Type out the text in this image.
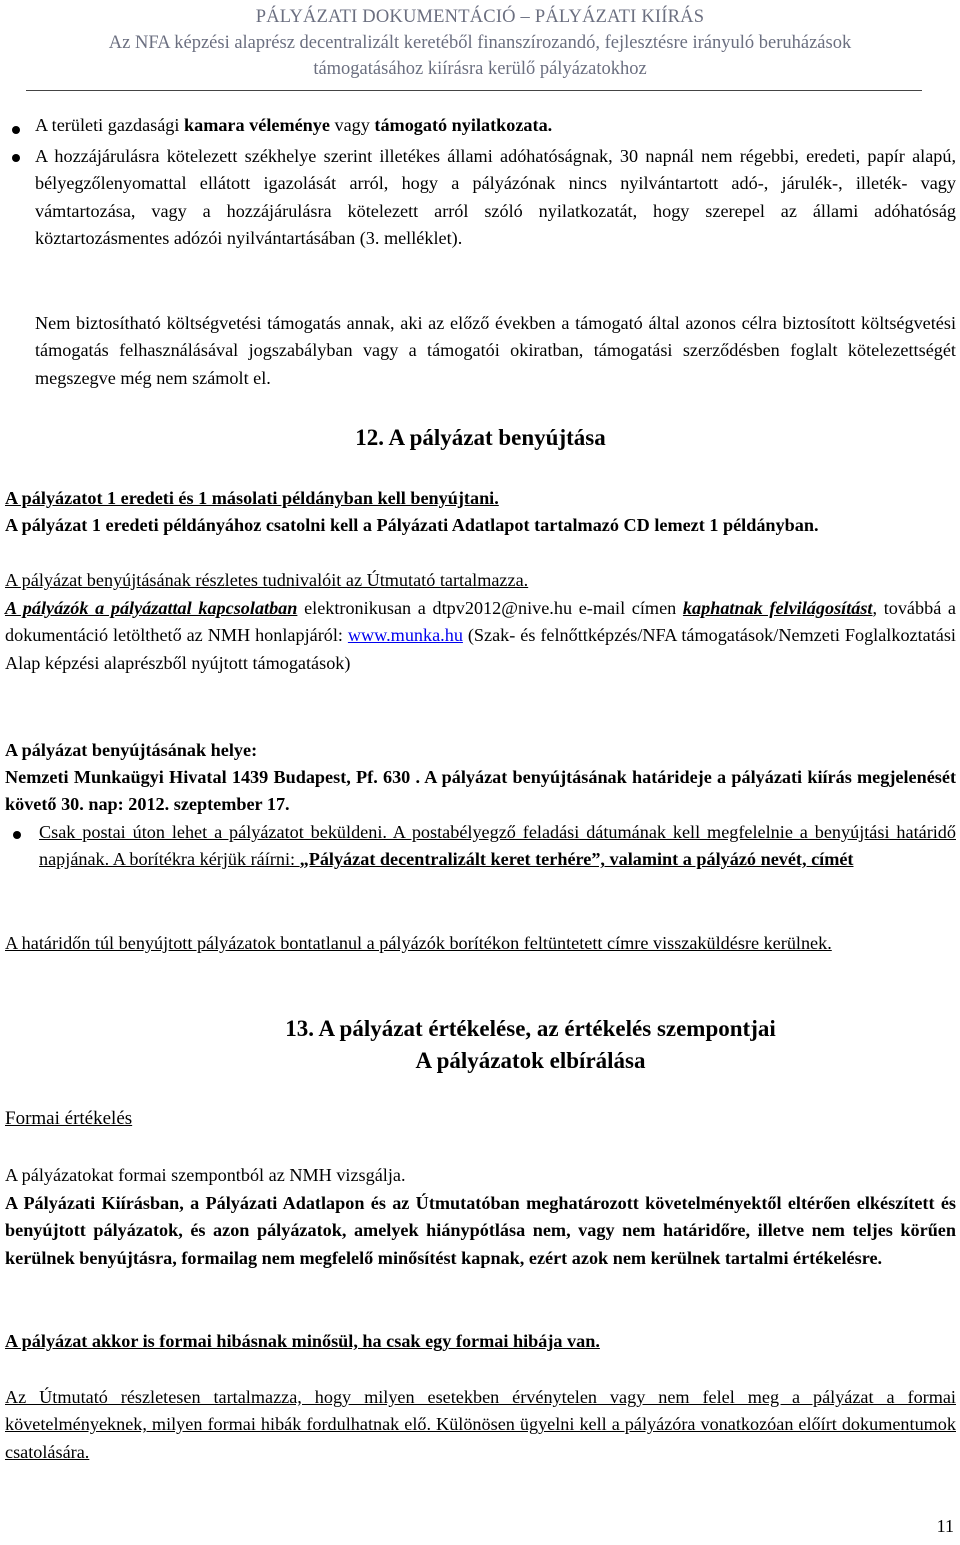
PÁLYÁZATI DOKUMENTÁCIÓ – PÁLYÁZATI KIÍRÁS
Az NFA képzési alaprész decentralizált keretéből finanszírozandó, fejlesztésre irányuló beruházások
támogatásához kiírásra kerülő pályázatokhoz
A területi gazdasági kamara véleménye vagy támogató nyilatkozata.
A hozzájárulásra kötelezett székhelye szerint illetékes állami adóhatóságnak, 30 napnál nem régebbi, eredeti, papír alapú, bélyegzőlenyomattal ellátott igazolását arról, hogy a pályázónak nincs nyilvántartott adó-, járulék-, illeték- vagy vámtartozása, vagy a hozzájárulásra kötelezett arról szóló nyilatkozatát, hogy szerepel az állami adóhatóság köztartozásmentes adózói nyilvántartásában (3. melléklet).
Nem biztosítható költségvetési támogatás annak, aki az előző években a támogató által azonos célra biztosított költségvetési támogatás felhasználásával jogszabályban vagy a támogatói okiratban, támogatási szerződésben foglalt kötelezettségét megszegve még nem számolt el.
12. A pályázat benyújtása
A pályázatot 1 eredeti és 1 másolati példányban kell benyújtani.
A pályázat 1 eredeti példányához csatolni kell a Pályázati Adatlapot tartalmazó CD lemezt 1 példányban.
A pályázat benyújtásának részletes tudnivalóit az Útmutató tartalmazza.
A pályázók a pályázattal kapcsolatban elektronikusan a dtpv2012@nive.hu e-mail címen kaphatnak felvilágosítást, továbbá a dokumentáció letölthető az NMH honlapjáról: www.munka.hu (Szak- és felnőttképzés/NFA támogatások/Nemzeti Foglalkoztatási Alap képzési alaprészből nyújtott támogatások)
A pályázat benyújtásának helye:
Nemzeti Munkaügyi Hivatal 1439 Budapest, Pf. 630 . A pályázat benyújtásának határideje a pályázati kiírás megjelenését követő 30. nap: 2012. szeptember 17.
Csak postai úton lehet a pályázatot beküldeni. A postabélyegző feladási dátumának kell megfelelnie a benyújtási határidő napjának. A borítékra kérjük ráírni: „Pályázat decentralizált keret terhére”, valamint a pályázó nevét, címét
A határidőn túl benyújtott pályázatok bontatlanul a pályázók borítékon feltüntetett címre visszaküldésre kerülnek.
13. A pályázat értékelése, az értékelés szempontjai
A pályázatok elbírálása
Formai értékelés
A pályázatokat formai szempontból az NMH vizsgálja.
A Pályázati Kiírásban, a Pályázati Adatlapon és az Útmutatóban meghatározott követelményektől eltérően elkészített és benyújtott pályázatok, és azon pályázatok, amelyek hiánypótlása nem, vagy nem határidőre, illetve nem teljes körűen kerülnek benyújtásra, formailag nem megfelelő minősítést kapnak, ezért azok nem kerülnek tartalmi értékelésre.
A pályázat akkor is formai hibásnak minősül, ha csak egy formai hibája van.
Az Útmutató részletesen tartalmazza, hogy milyen esetekben érvénytelen vagy nem felel meg a pályázat a formai követelményeknek, milyen formai hibák fordulhatnak elő. Különösen ügyelni kell a pályázóra vonatkozóan előírt dokumentumok csatolására.
11
